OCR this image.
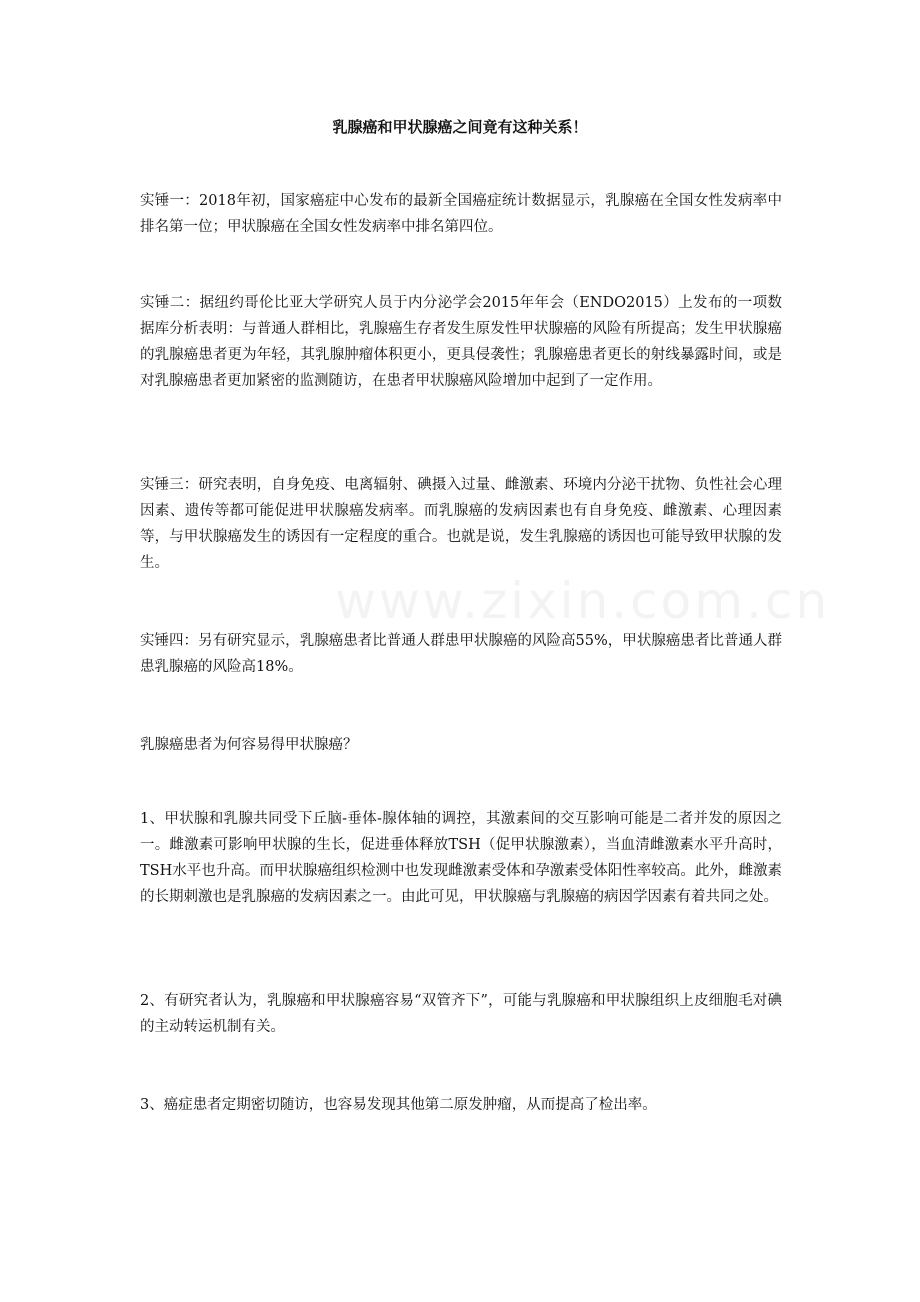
www.zixin.com.cn
乳腺癌和甲状腺癌之间竟有这种关系！

实锤一：2018年初，国家癌症中心发布的最新全国癌症统计数据显示，乳腺癌在全国女性发病率中排名第一位；甲状腺癌在全国女性发病率中排名第四位。

实锤二：据纽约哥伦比亚大学研究人员于内分泌学会2015年年会（ENDO2015）上发布的一项数据库分析表明：与普通人群相比，乳腺癌生存者发生原发性甲状腺癌的风险有所提高；发生甲状腺癌的乳腺癌患者更为年轻，其乳腺肿瘤体积更小，更具侵袭性；乳腺癌患者更长的射线暴露时间，或是对乳腺癌患者更加紧密的监测随访，在患者甲状腺癌风险增加中起到了一定作用。

实锤三：研究表明，自身免疫、电离辐射、碘摄入过量、雌激素、环境内分泌干扰物、负性社会心理因素、遗传等都可能促进甲状腺癌发病率。而乳腺癌的发病因素也有自身免疫、雌激素、心理因素等，与甲状腺癌发生的诱因有一定程度的重合。也就是说，发生乳腺癌的诱因也可能导致甲状腺的发生。

实锤四：另有研究显示，乳腺癌患者比普通人群患甲状腺癌的风险高55%，甲状腺癌患者比普通人群患乳腺癌的风险高18%。

乳腺癌患者为何容易得甲状腺癌？

1、甲状腺和乳腺共同受下丘脑-垂体-腺体轴的调控，其激素间的交互影响可能是二者并发的原因之一。雌激素可影响甲状腺的生长，促进垂体释放TSH（促甲状腺激素），当血清雌激素水平升高时，TSH水平也升高。而甲状腺癌组织检测中也发现雌激素受体和孕激素受体阳性率较高。此外，雌激素的长期刺激也是乳腺癌的发病因素之一。由此可见，甲状腺癌与乳腺癌的病因学因素有着共同之处。

2、有研究者认为，乳腺癌和甲状腺癌容易“双管齐下”，可能与乳腺癌和甲状腺组织上皮细胞毛对碘的主动转运机制有关。

3、癌症患者定期密切随访，也容易发现其他第二原发肿瘤，从而提高了检出率。
